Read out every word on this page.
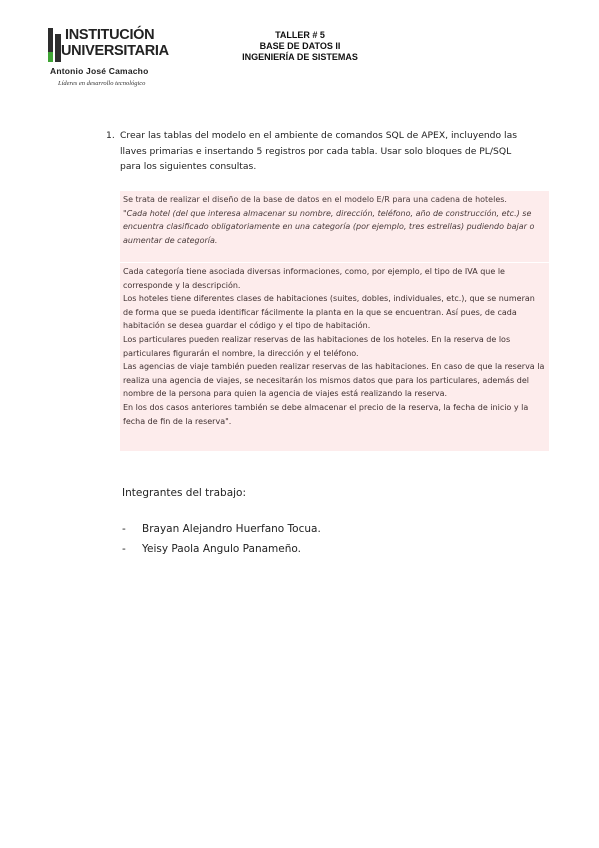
INSTITUCIÓN
UNIVERSITARIA
Antonio José Camacho
Líderes en desarrollo tecnológico
TALLER # 5
BASE DE DATOS II
INGENIERÍA DE SISTEMAS
1. Crear las tablas del modelo en el ambiente de comandos SQL de APEX, incluyendo las llaves primarias e insertando 5 registros por cada tabla. Usar solo bloques de PL/SQL para los siguientes consultas.

Se trata de realizar el diseño de la base de datos en el modelo E/R para una cadena de hoteles.

"Cada hotel (del que interesa almacenar su nombre, dirección, teléfono, año de construcción, etc.) se encuentra clasificado obligatoriamente en una categoría (por ejemplo, tres estrellas) pudiendo bajar o aumentar de categoría.

Cada categoría tiene asociada diversas informaciones, como, por ejemplo, el tipo de IVA que le corresponde y la descripción.

Los hoteles tiene diferentes clases de habitaciones (suites, dobles, individuales, etc.), que se numeran de forma que se pueda identificar fácilmente la planta en la que se encuentran. Así pues, de cada habitación se desea guardar el código y el tipo de habitación.

Los particulares pueden realizar reservas de las habitaciones de los hoteles. En la reserva de los particulares figurarán el nombre, la dirección y el teléfono.

Las agencias de viaje también pueden realizar reservas de las habitaciones. En caso de que la reserva la realiza una agencia de viajes, se necesitarán los mismos datos que para los particulares, además del nombre de la persona para quien la agencia de viajes está realizando la reserva.

En los dos casos anteriores también se debe almacenar el precio de la reserva, la fecha de inicio y la fecha de fin de la reserva".

Integrantes del trabajo:
- Brayan Alejandro Huerfano Tocua.
- Yeisy Paola Angulo Panameño.
